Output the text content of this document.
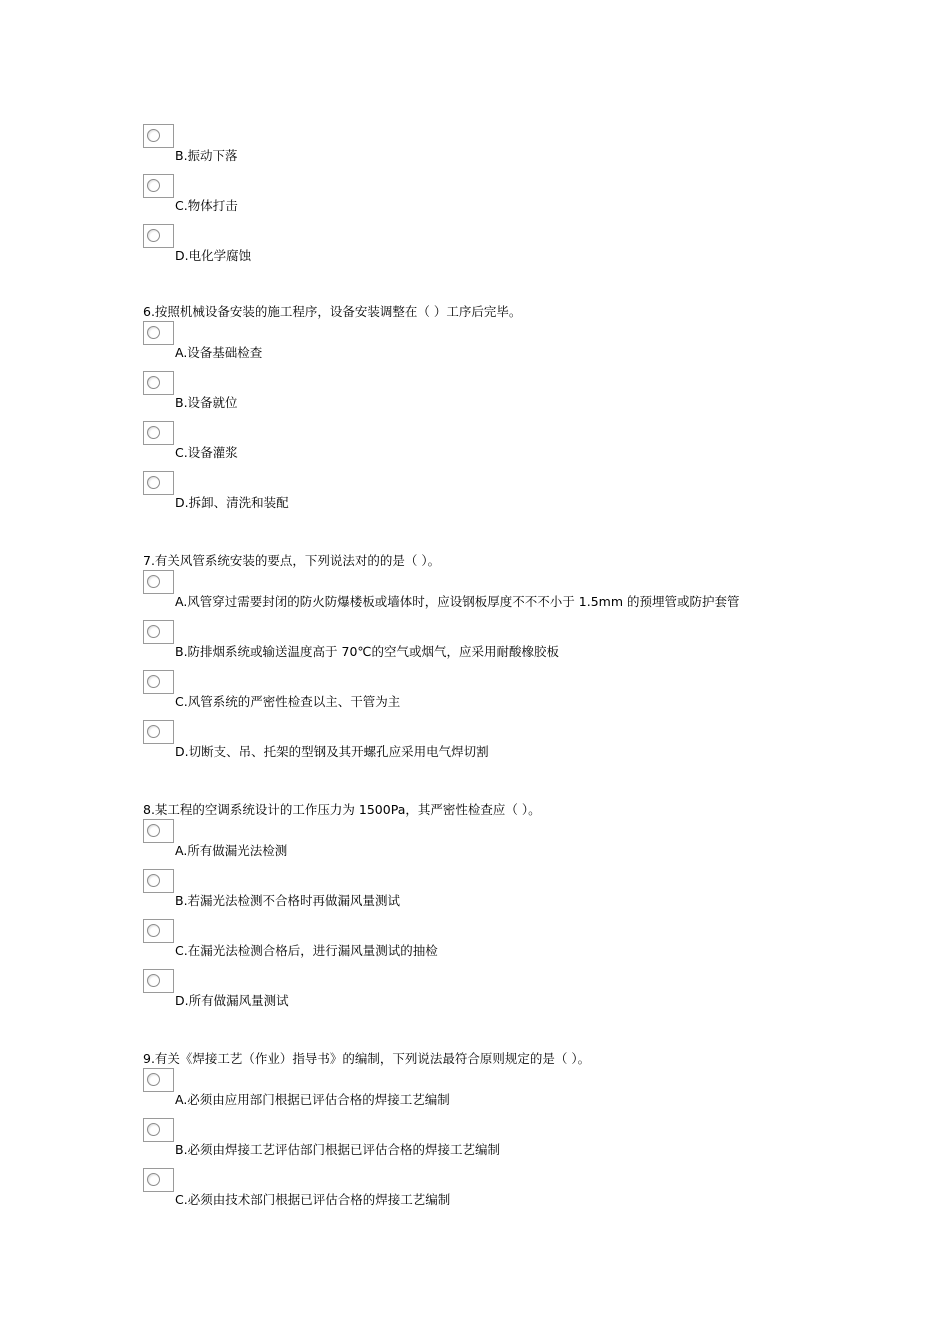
B.振动下落
C.物体打击
D.电化学腐蚀
6.按照机械设备安装的施工程序，设备安装调整在（ ）工序后完毕。
A.设备基础检查
B.设备就位
C.设备灌浆
D.拆卸、清洗和装配
7.有关风管系统安装的要点，下列说法对的的是（ ）。
A.风管穿过需要封闭的防火防爆楼板或墙体时，应设钢板厚度不不不小于 1.5mm 的预埋管或防护套管
B.防排烟系统或输送温度高于 70℃的空气或烟气，应采用耐酸橡胶板
C.风管系统的严密性检查以主、干管为主
D.切断支、吊、托架的型钢及其开螺孔应采用电气焊切割
8.某工程的空调系统设计的工作压力为 1500Pa，其严密性检查应（ ）。
A.所有做漏光法检测
B.若漏光法检测不合格时再做漏风量测试
C.在漏光法检测合格后，进行漏风量测试的抽检
D.所有做漏风量测试
9.有关《焊接工艺（作业）指导书》的编制，下列说法最符合原则规定的是（ ）。
A.必须由应用部门根据已评估合格的焊接工艺编制
B.必须由焊接工艺评估部门根据已评估合格的焊接工艺编制
C.必须由技术部门根据已评估合格的焊接工艺编制
